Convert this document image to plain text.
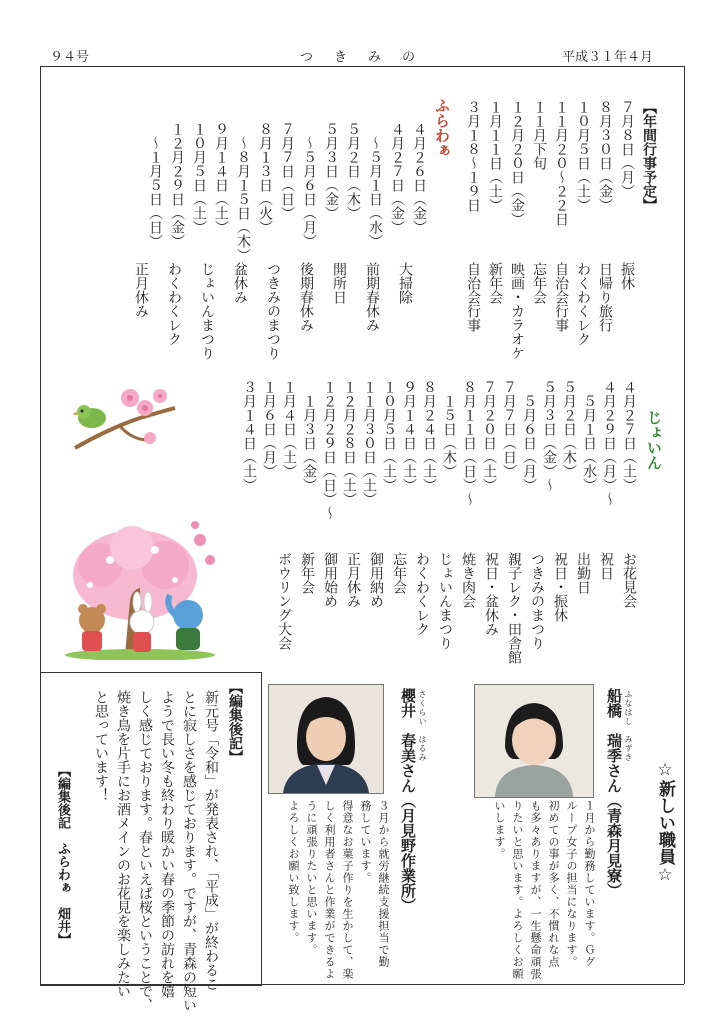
９４号	つ　き　み　の	平成３１年４月
【年間行事予定】
７月８日（月）
８月３０日（金）
１０月５日（土）
１１月２０～２２日
１１月下旬
１２月２０日（金）
１月１１日（土）
３月１８～１９日
振休
日帰り旅行
わくわくレク
自治会行事
忘年会
映画・カラオケ
新年会
自治会行事
ふらわぁ
４月２６日（金）
４月２７日（金）
　～５月１日（水）
５月２日（木）
５月３日（金）
　～５月６日（月）
７月７日（日）
８月１３日（火）
　～８月１５日（木）
９月１４日（土）
１０月５日（土）
１２月２９日（金）
　～１月５日（日）
大掃除
前期春休み
開所日
後期春休み
つきみのまつり
盆休み
じょいんまつり
わくわくレク
正月休み
じょいん
４月２７日（土）
４月２９日（月）～
　５月１日（水）
５月２日（木）
５月３日（金）～
　５月６日（月）
７月７日（日）
７月２０日（土）
８月１１日（日）～
　１５日（木）
８月２４日（土）
９月１４日（土）
１０月５日（土）
１１月３０日（土）
１２月２８日（土）
１２月２９日（日）～
　１月３日（金）
１月４日（土）
１月６日（月）
３月１４日（土）
お花見会
祝日
出勤日
祝日・振休
つきみのまつり
親子レク・田舎館
祝日・盆休み
焼き肉会
じょいんまつり
わくわくレク
忘年会
御用納め
正月休み
御用始め
新年会
ボウリング大会
☆新しい職員☆
ふなはし　みずき
船橋　瑞季さん（青森月見寮）
１月から勤務しています。Ｇグ
ループ女子の担当になります。
初めての事が多く、不慣れな点
も多々ありますが、一生懸命頑張
りたいと思います。よろしくお願
いします。
さくらい　はるみ
櫻井　春美さん（月見野作業所）
３月から就労継続支援担当で勤
務しています。
得意なお菓子作りを生かして、楽
しく利用者さんと作業ができるよ
うに頑張りたいと思います。
よろしくお願い致します。
【編集後記】
新元号「令和」が発表され、「平成」が終わるこ
とに寂しさを感じております。ですが、青森の短い
ようで長い冬も終わり暖かい春の季節の訪れを嬉
しく感じております。春といえば桜ということで、
焼き鳥を片手にお酒メインのお花見を楽しみたい
と思っています！
【編集後記　ふらわぁ　畑井】
